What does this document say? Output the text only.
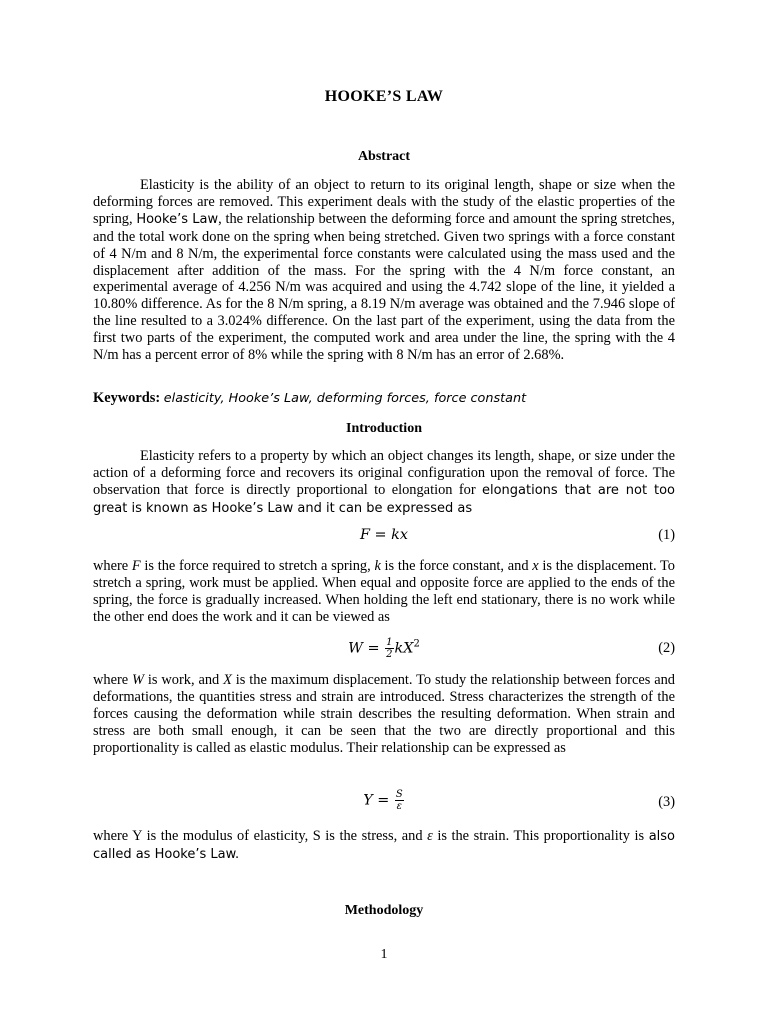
HOOKE’S LAW
Abstract

Elasticity is the ability of an object to return to its original length, shape or size when the deforming forces are removed. This experiment deals with the study of the elastic properties of the spring, Hooke’s Law, the relationship between the deforming force and amount the spring stretches, and the total work done on the spring when being stretched. Given two springs with a force constant of 4 N/m and 8 N/m, the experimental force constants were calculated using the mass used and the displacement after addition of the mass. For the spring with the 4 N/m force constant, an experimental average of 4.256 N/m was acquired and using the 4.742 slope of the line, it yielded a 10.80% difference. As for the 8 N/m spring, a 8.19 N/m average was obtained and the 7.946 slope of the line resulted to a 3.024% difference. On the last part of the experiment, using the data from the first two parts of the experiment, the computed work and area under the line, the spring with the 4 N/m has a percent error of 8% while the spring with 8 N/m has an error of 2.68%.

Keywords: elasticity, Hooke’s Law, deforming forces, force constant
Introduction

Elasticity refers to a property by which an object changes its length, shape, or size under the action of a deforming force and recovers its original configuration upon the removal of force. The observation that force is directly proportional to elongation for elongations that are not too great is known as Hooke’s Law and it can be expressed as

F = kx	(1)

where F is the force required to stretch a spring, k is the force constant, and x is the displacement. To stretch a spring, work must be applied. When equal and opposite force are applied to the ends of the spring, the force is gradually increased. When holding the left end stationary, there is no work while the other end does the work and it can be viewed as

$W = \frac{1}{2} kX^2$	(2)

where W is work, and X is the maximum displacement. To study the relationship between forces and deformations, the quantities stress and strain are introduced. Stress characterizes the strength of the forces causing the deformation while strain describes the resulting deformation. When strain and stress are both small enough, it can be seen that the two are directly proportional and this proportionality is called as elastic modulus. Their relationship can be expressed as

$Y = \frac{S}{\varepsilon}$	(3)

where Y is the modulus of elasticity, S is the stress, and ε is the strain. This proportionality is also called as Hooke’s Law.

Methodology
1
